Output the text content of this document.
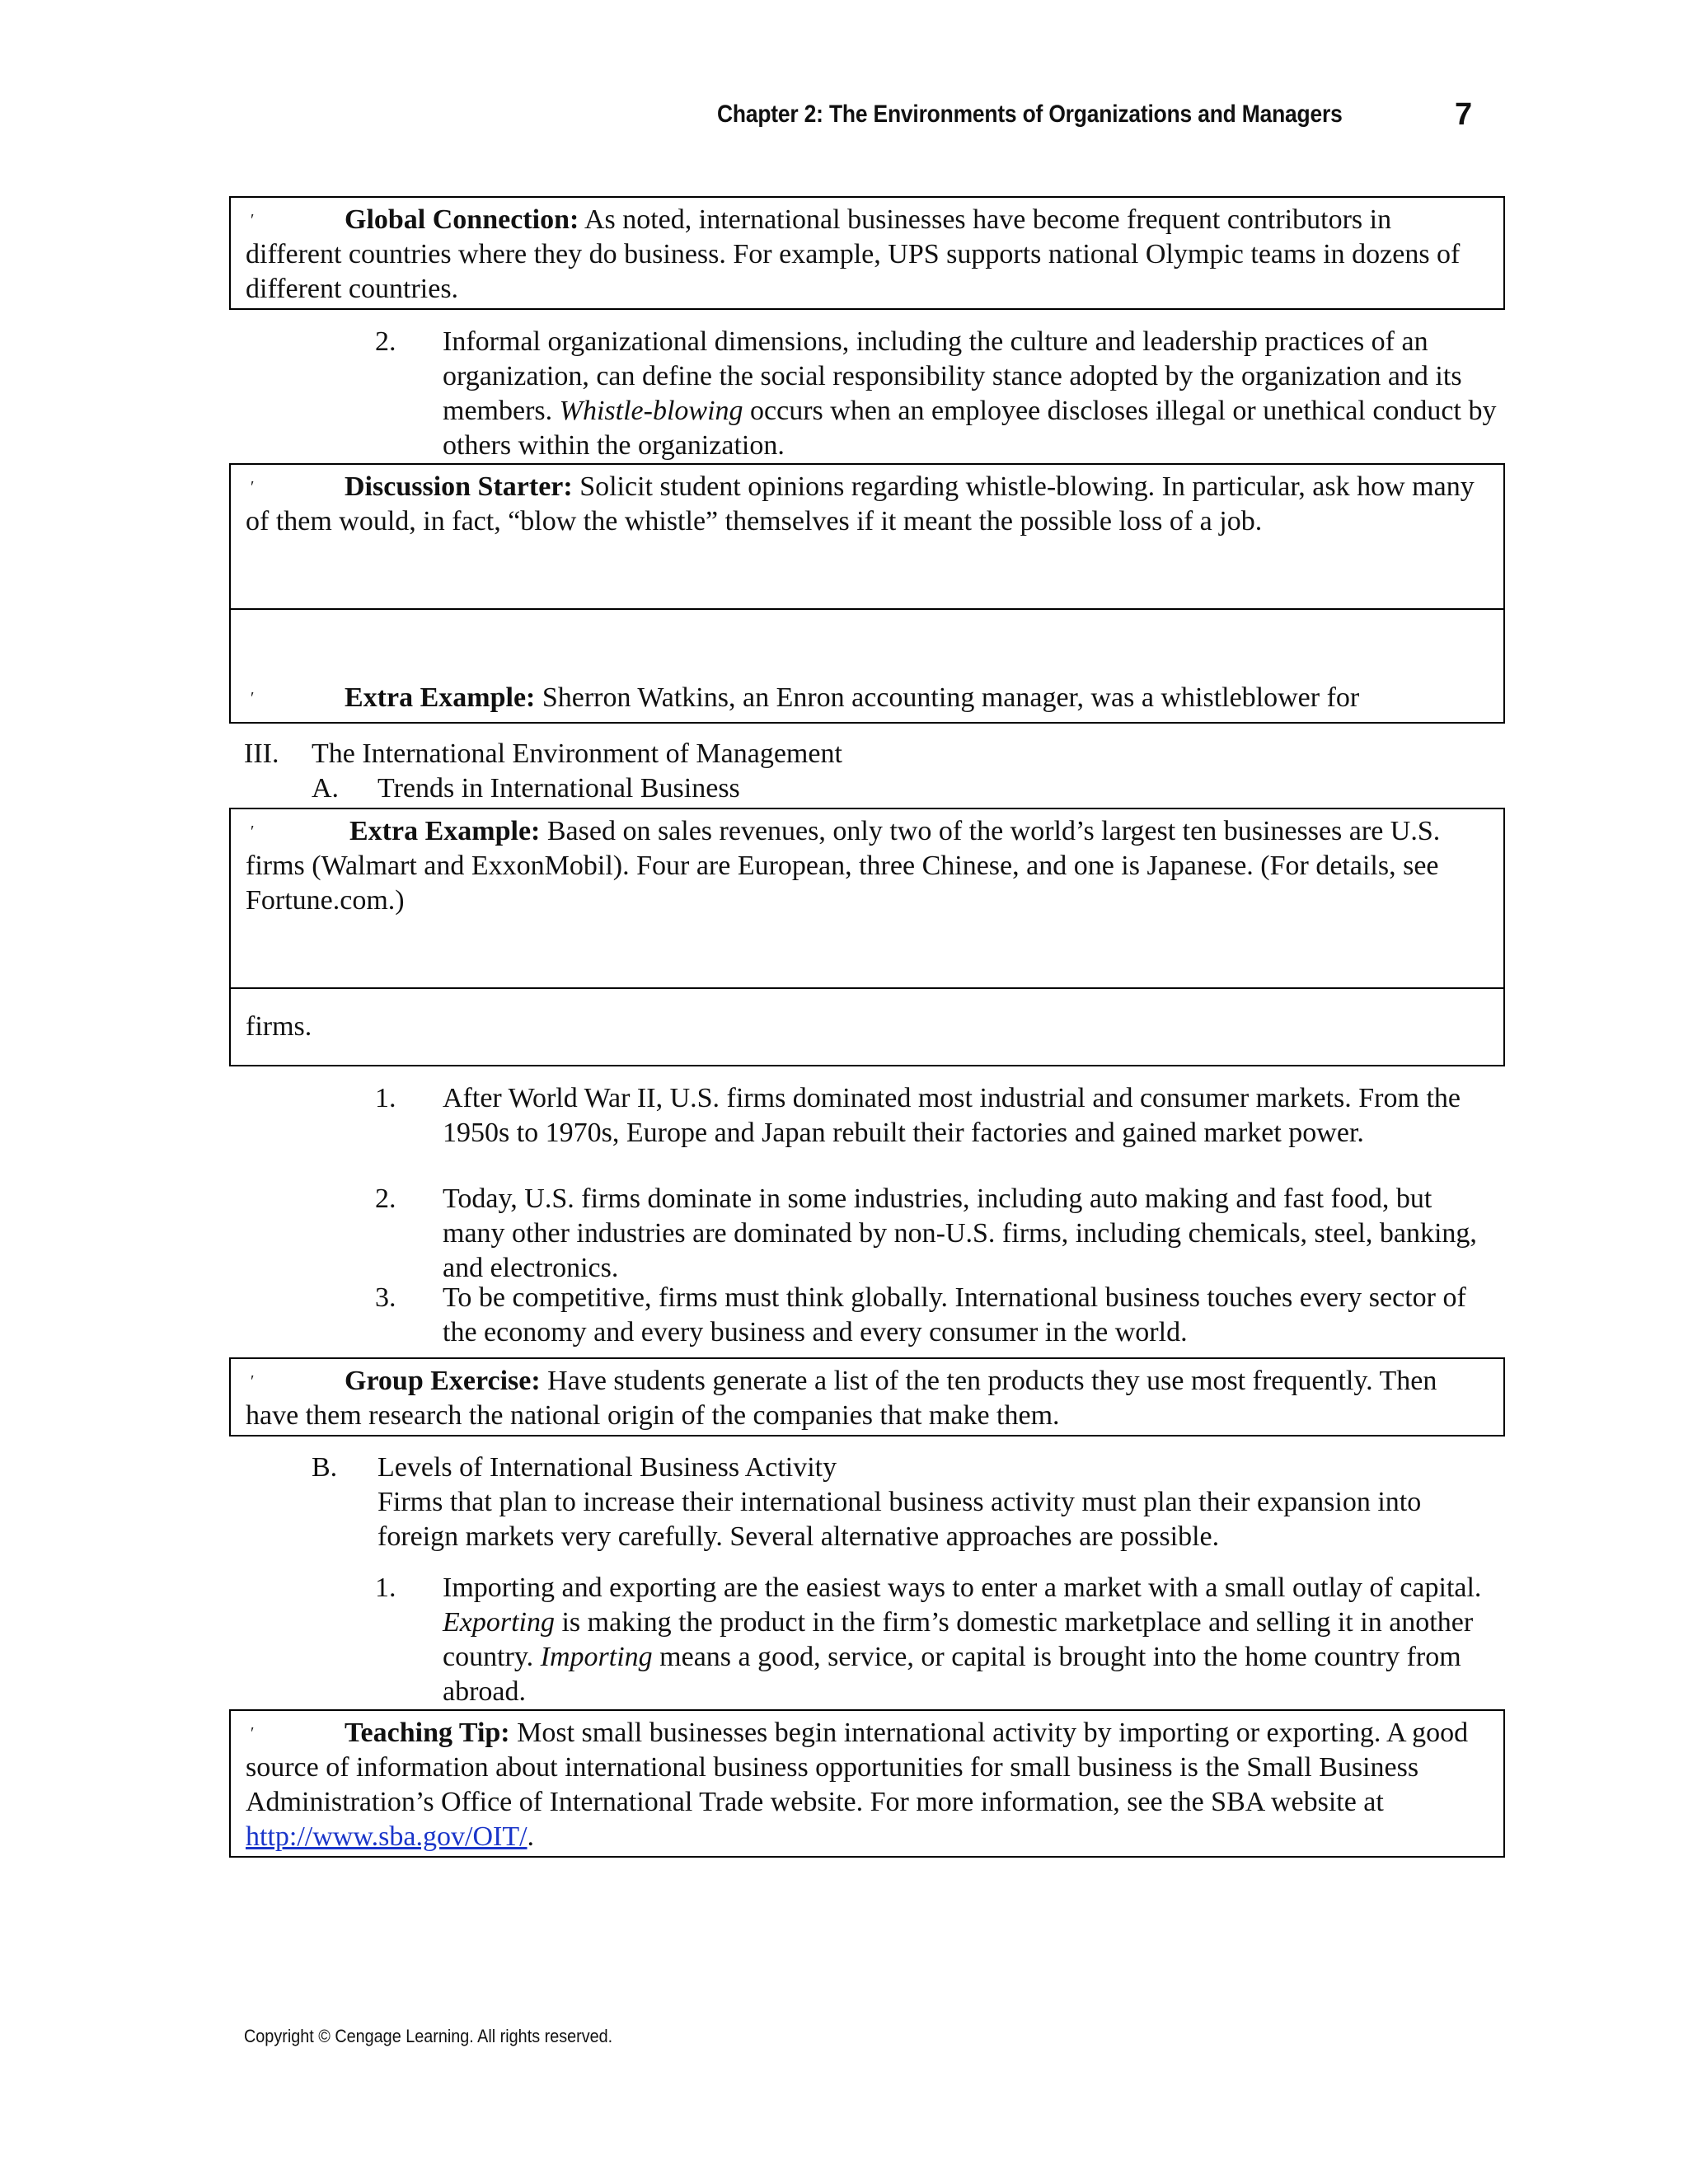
Chapter 2: The Environments of Organizations and Managers	7
′	Global Connection: As noted, international businesses have become frequent contributors in different countries where they do business. For example, UPS supports national Olympic teams in dozens of different countries.
2. Informal organizational dimensions, including the culture and leadership practices of an organization, can define the social responsibility stance adopted by the organization and its members. Whistle-blowing occurs when an employee discloses illegal or unethical conduct by others within the organization.
′	Discussion Starter: Solicit student opinions regarding whistle-blowing. In particular, ask how many of them would, in fact, “blow the whistle” themselves if it meant the possible loss of a job.
′	Extra Example: Sherron Watkins, an Enron accounting manager, was a whistleblower for
III. The International Environment of Management
A. Trends in International Business
′	Extra Example: Based on sales revenues, only two of the world’s largest ten businesses are U.S. firms (Walmart and ExxonMobil). Four are European, three Chinese, and one is Japanese. (For details, see Fortune.com.)
firms.
1. After World War II, U.S. firms dominated most industrial and consumer markets. From the 1950s to 1970s, Europe and Japan rebuilt their factories and gained market power.
2. Today, U.S. firms dominate in some industries, including auto making and fast food, but many other industries are dominated by non-U.S. firms, including chemicals, steel, banking, and electronics.
3. To be competitive, firms must think globally. International business touches every sector of the economy and every business and every consumer in the world.
′	Group Exercise: Have students generate a list of the ten products they use most frequently. Then have them research the national origin of the companies that make them.
B. Levels of International Business Activity
Firms that plan to increase their international business activity must plan their expansion into foreign markets very carefully. Several alternative approaches are possible.
1. Importing and exporting are the easiest ways to enter a market with a small outlay of capital. Exporting is making the product in the firm’s domestic marketplace and selling it in another country. Importing means a good, service, or capital is brought into the home country from abroad.
′	Teaching Tip: Most small businesses begin international activity by importing or exporting. A good source of information about international business opportunities for small business is the Small Business Administration’s Office of International Trade website. For more information, see the SBA website at http://www.sba.gov/OIT/.
Copyright © Cengage Learning. All rights reserved.
